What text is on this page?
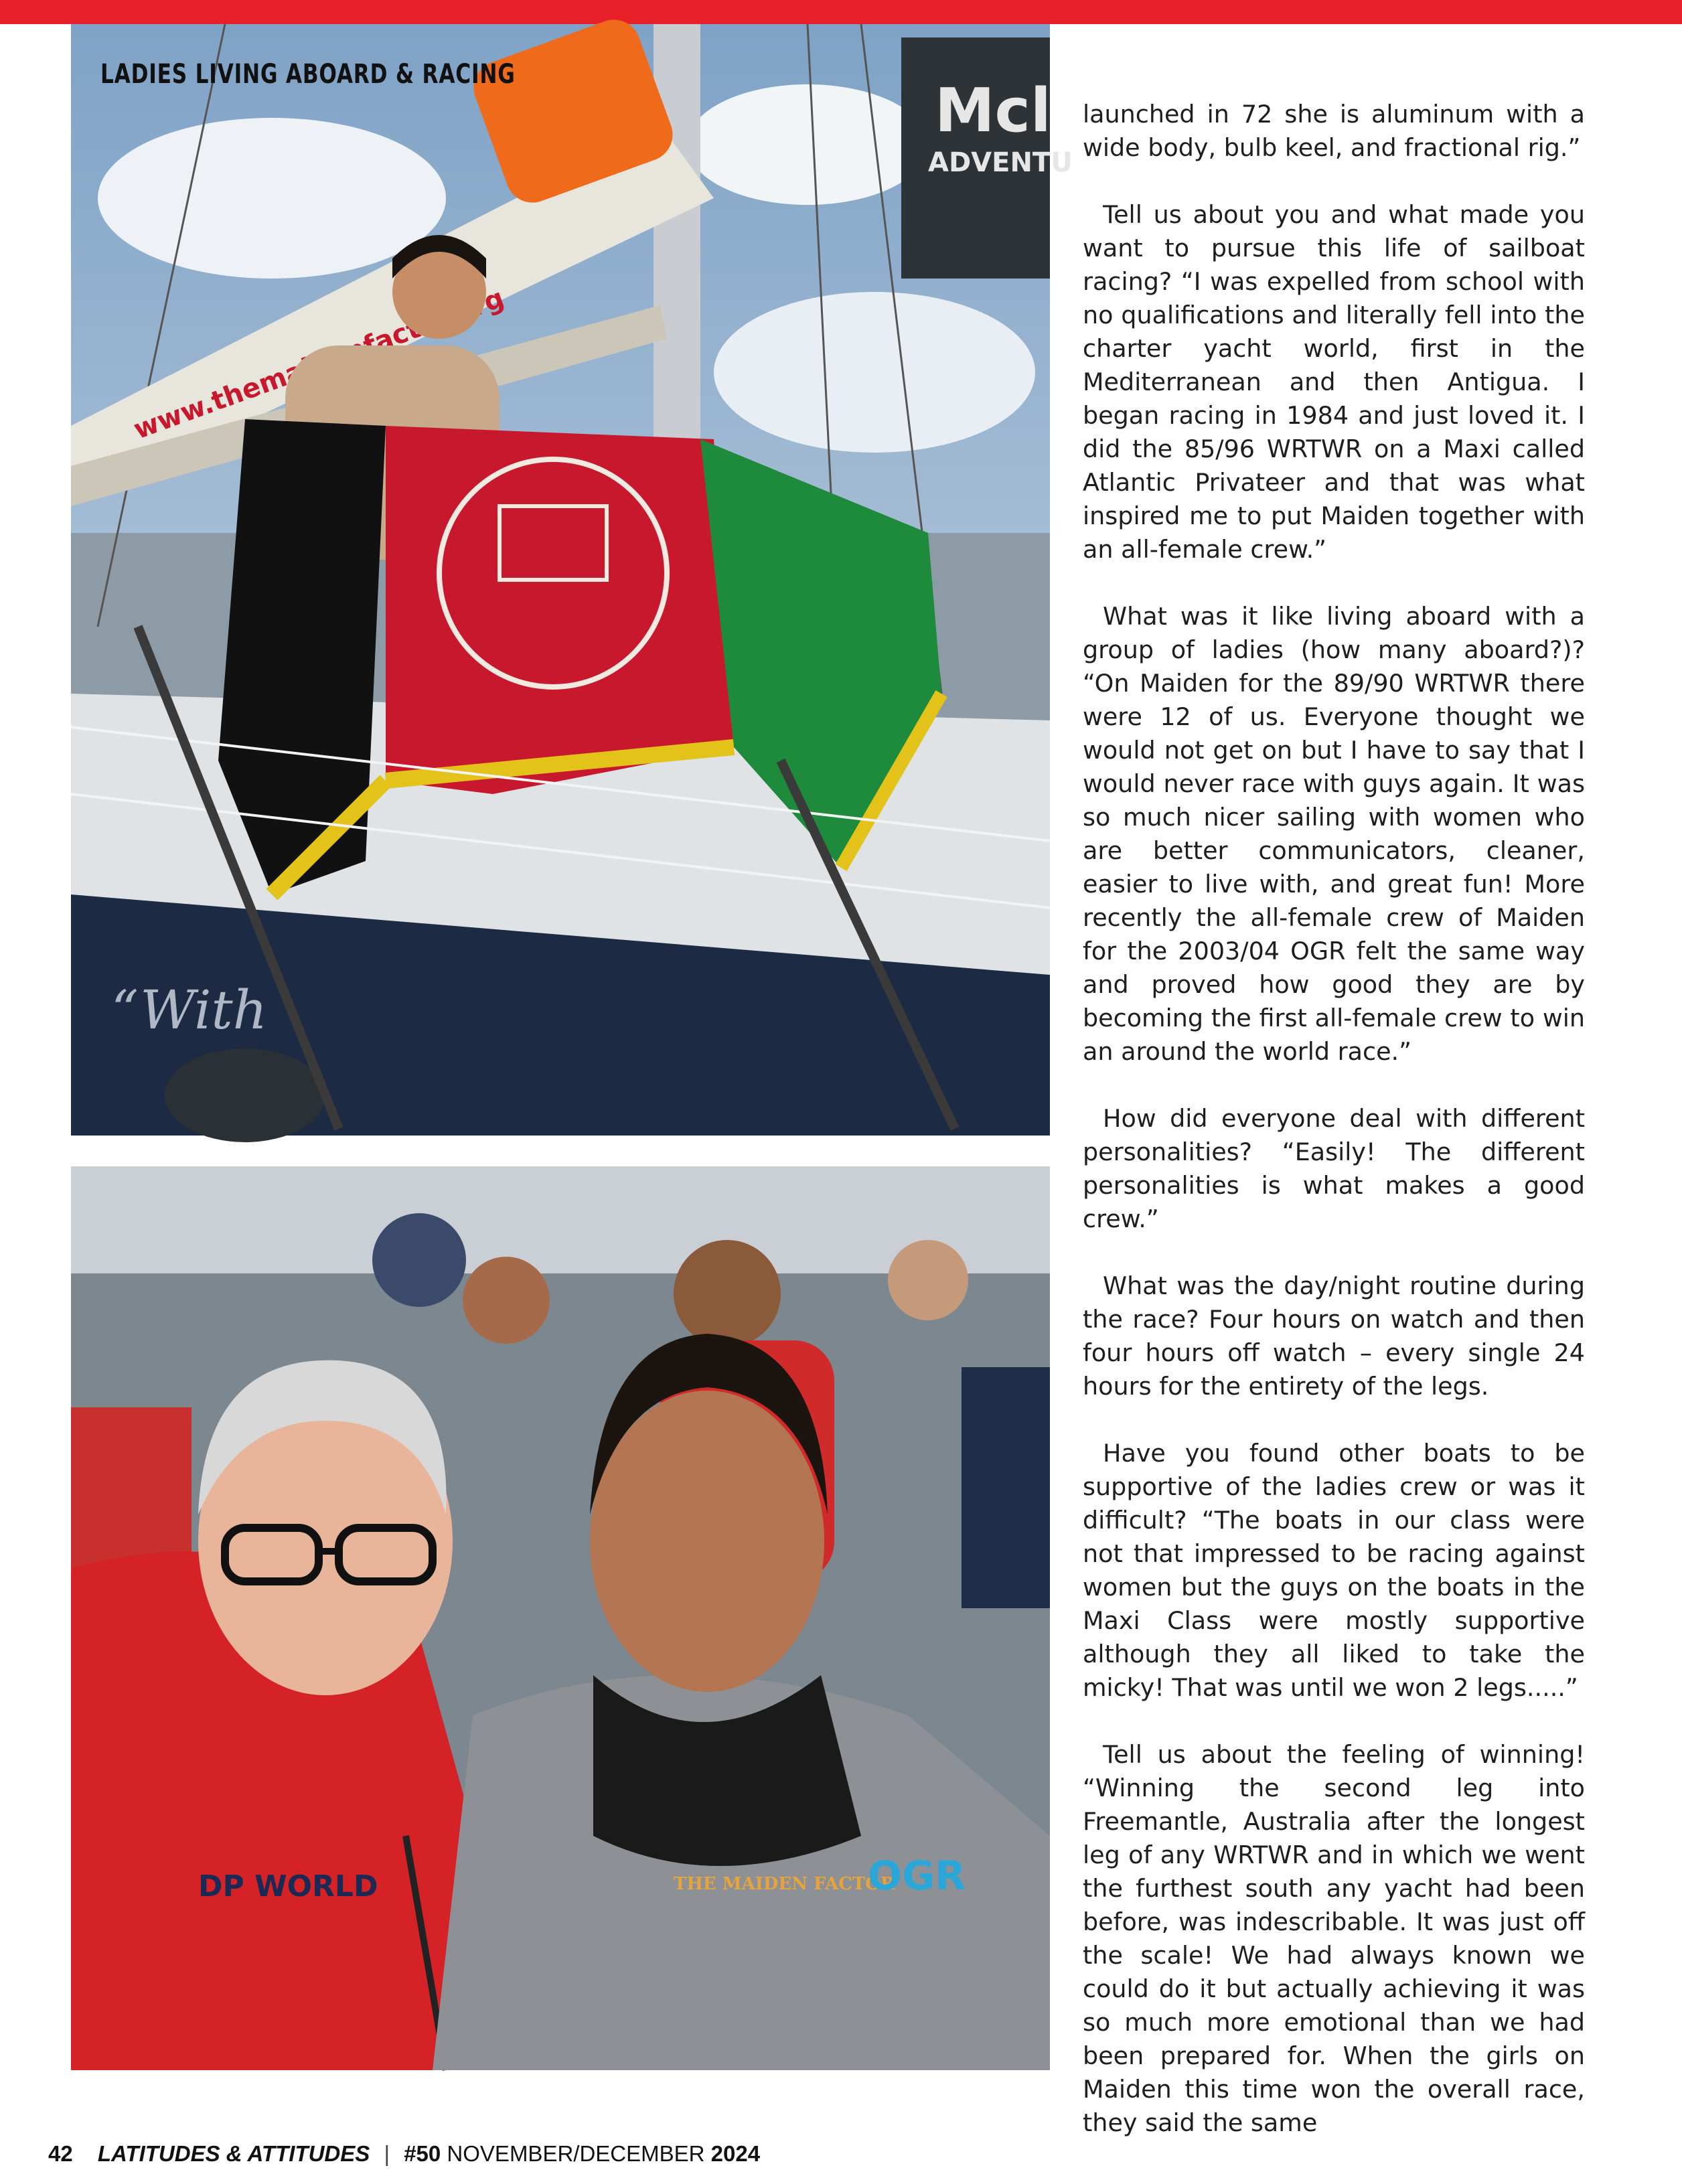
Mcl
ADVENTU
“With
LADIES LIVING ABOARD & RACING
DP WORLD	THE MAIDEN FACTOR
OGR

launched in 72 she is aluminum with a wide body, bulb keel, and fractional rig.”

Tell us about you and what made you want to pursue this life of sailboat racing? “I was expelled from school with no qualifications and literally fell into the charter yacht world, first in the Mediterranean and then Antigua. I began racing in 1984 and just loved it. I did the 85/96 WRTWR on a Maxi called Atlantic Privateer and that was what inspired me to put Maiden together with an all-female crew.”

What was it like living aboard with a group of ladies (how many aboard?)? “On Maiden for the 89/90 WRTWR there were 12 of us. Everyone thought we would not get on but I have to say that I would never race with guys again. It was so much nicer sailing with women who are better communicators, cleaner, easier to live with, and great fun! More recently the all-female crew of Maiden for the 2003/04 OGR felt the same way and proved how good they are by becoming the first all-female crew to win an around the world race.”

How did everyone deal with different personalities? “Easily! The different personalities is what makes a good crew.”

What was the day/night routine during the race? Four hours on watch and then four hours off watch – every single 24 hours for the entirety of the legs.

Have you found other boats to be supportive of the ladies crew or was it difficult? “The boats in our class were not that impressed to be racing against women but the guys on the boats in the Maxi Class were mostly supportive although they all liked to take the micky! That was until we won 2 legs.....”

Tell us about the feeling of winning! “Winning the second leg into Freemantle, Australia after the longest leg of any WRTWR and in which we went the furthest south any yacht had been before, was indescribable. It was just off the scale! We had always known we could do it but actually achieving it was so much more emotional than we had been prepared for. When the girls on Maiden this time won the overall race, they said the same

42 LATITUDES & ATTITUDES | #50 NOVEMBER/DECEMBER 2024
